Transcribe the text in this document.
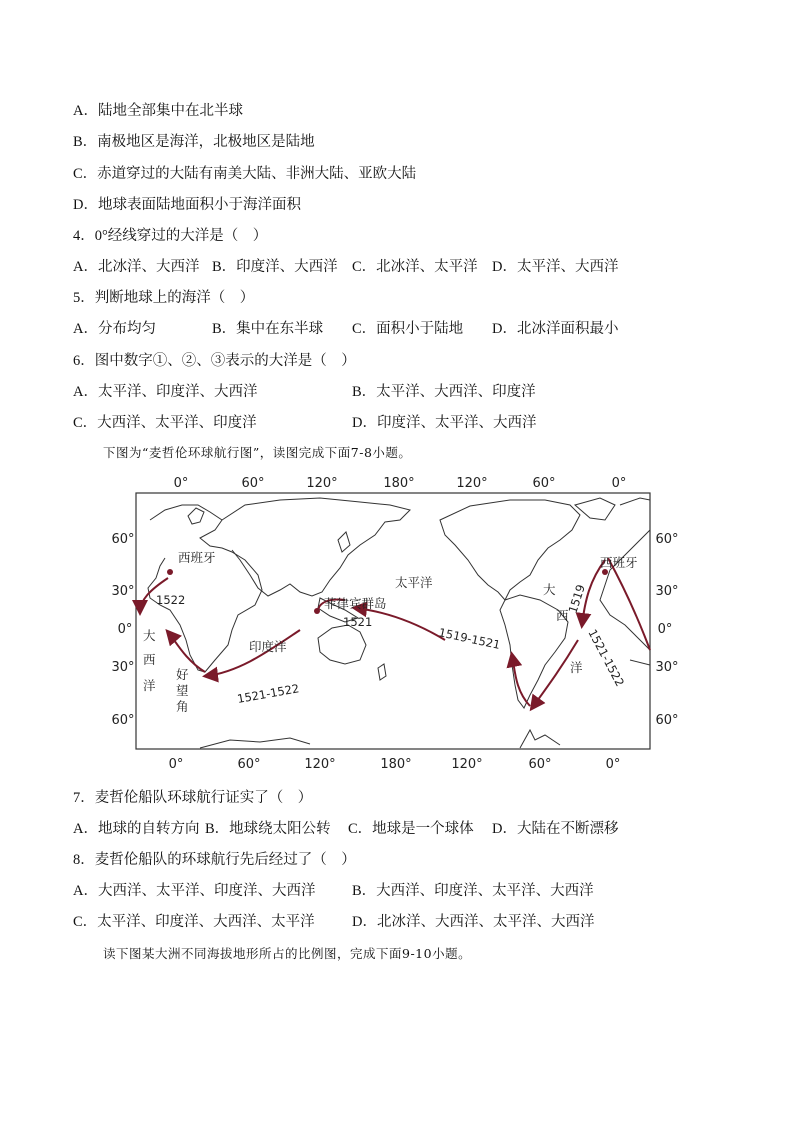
A．陆地全部集中在北半球
B．南极地区是海洋，北极地区是陆地
C．赤道穿过的大陆有南美大陆、非洲大陆、亚欧大陆
D．地球表面陆地面积小于海洋面积
4．0°经线穿过的大洋是（　）
A．北冰洋、大西洋 B．印度洋、大西洋 C．北冰洋、太平洋 D．太平洋、大西洋
5．判断地球上的海洋（　）
A．分布均匀	B．集中在东半球 C．面积小于陆地 D．北冰洋面积最小
6．图中数字①、②、③表示的大洋是（　）
A．太平洋、印度洋、大西洋	B．太平洋、大西洋、印度洋
C．大西洋、太平洋、印度洋	D．印度洋、太平洋、大西洋
下图为“麦哲伦环球航行图”，读图完成下面7-8小题。
0°	60°	120°	180°	120°	60°	0°
0°	60°	120°	180°	120°	60°	0°
60°
30°
0°
30°
60°
60°
30°
0°
30°
60°
西班牙	西班牙
大
西
洋
大
西
洋
好
望
角
印度洋
太平洋
菲律宾群岛
1522
1521
1519-1521
1521-1522
1519
1521-1522
7．麦哲伦船队环球航行证实了（　）
A．地球的自转方向 B．地球绕太阳公转 C．地球是一个球体 D．大陆在不断漂移
8．麦哲伦船队的环球航行先后经过了（　）
A．大西洋、太平洋、印度洋、大西洋	B．大西洋、印度洋、太平洋、大西洋
C．太平洋、印度洋、大西洋、太平洋	D．北冰洋、大西洋、太平洋、大西洋
读下图某大洲不同海拔地形所占的比例图，完成下面9-10小题。
